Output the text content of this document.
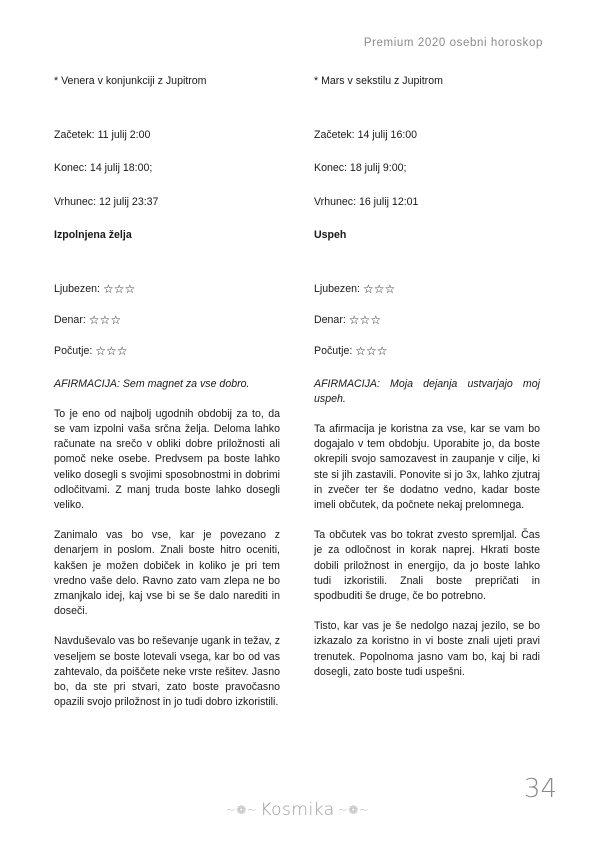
Premium 2020 osebni horoskop

* Venera v konjunkciji z Jupitrom

Začetek: 11 julij 2:00

Konec: 14 julij 18:00;

Vrhunec: 12 julij 23:37

Izpolnjena želja

Ljubezen: ☆☆☆
Denar: ☆☆☆
Počutje: ☆☆☆

AFIRMACIJA: Sem magnet za vse dobro.

To je eno od najbolj ugodnih obdobij za to, da se vam izpolni vaša srčna želja. Deloma lahko računate na srečo v obliki dobre priložnosti ali pomoč neke osebe. Predvsem pa boste lahko veliko dosegli s svojimi sposobnostmi in dobrimi odločitvami. Z manj truda boste lahko dosegli veliko.

Zanimalo vas bo vse, kar je povezano z denarjem in poslom. Znali boste hitro oceniti, kakšen je možen dobiček in koliko je pri tem vredno vaše delo. Ravno zato vam zlepa ne bo zmanjkalo idej, kaj vse bi se še dalo narediti in doseči.

Navduševalo vas bo reševanje ugank in težav, z veseljem se boste lotevali vsega, kar bo od vas zahtevalo, da poiščete neke vrste rešitev. Jasno bo, da ste pri stvari, zato boste pravočasno opazili svojo priložnost in jo tudi dobro izkoristili.

* Mars v sekstilu z Jupitrom

Začetek: 14 julij 16:00

Konec: 18 julij 9:00;

Vrhunec: 16 julij 12:01

Uspeh

Ljubezen: ☆☆☆
Denar: ☆☆☆
Počutje: ☆☆☆

AFIRMACIJA: Moja dejanja ustvarjajo moj uspeh.

Ta afirmacija je koristna za vse, kar se vam bo dogajalo v tem obdobju. Uporabite jo, da boste okrepili svojo samozavest in zaupanje v cilje, ki ste si jih zastavili. Ponovite si jo 3x, lahko zjutraj in zvečer ter še dodatno vedno, kadar boste imeli občutek, da počnete nekaj prelomnega.

Ta občutek vas bo tokrat zvesto spremljal. Čas je za odločnost in korak naprej. Hkrati boste dobili priložnost in energijo, da jo boste lahko tudi izkoristili. Znali boste prepričati in spodbuditi še druge, če bo potrebno.

Tisto, kar vas je še nedolgo nazaj jezilo, se bo izkazalo za koristno in vi boste znali ujeti pravi trenutek. Popolnoma jasno vam bo, kaj bi radi dosegli, zato boste tudi uspešni.

~❁~ Kosmika ~❁~
34
